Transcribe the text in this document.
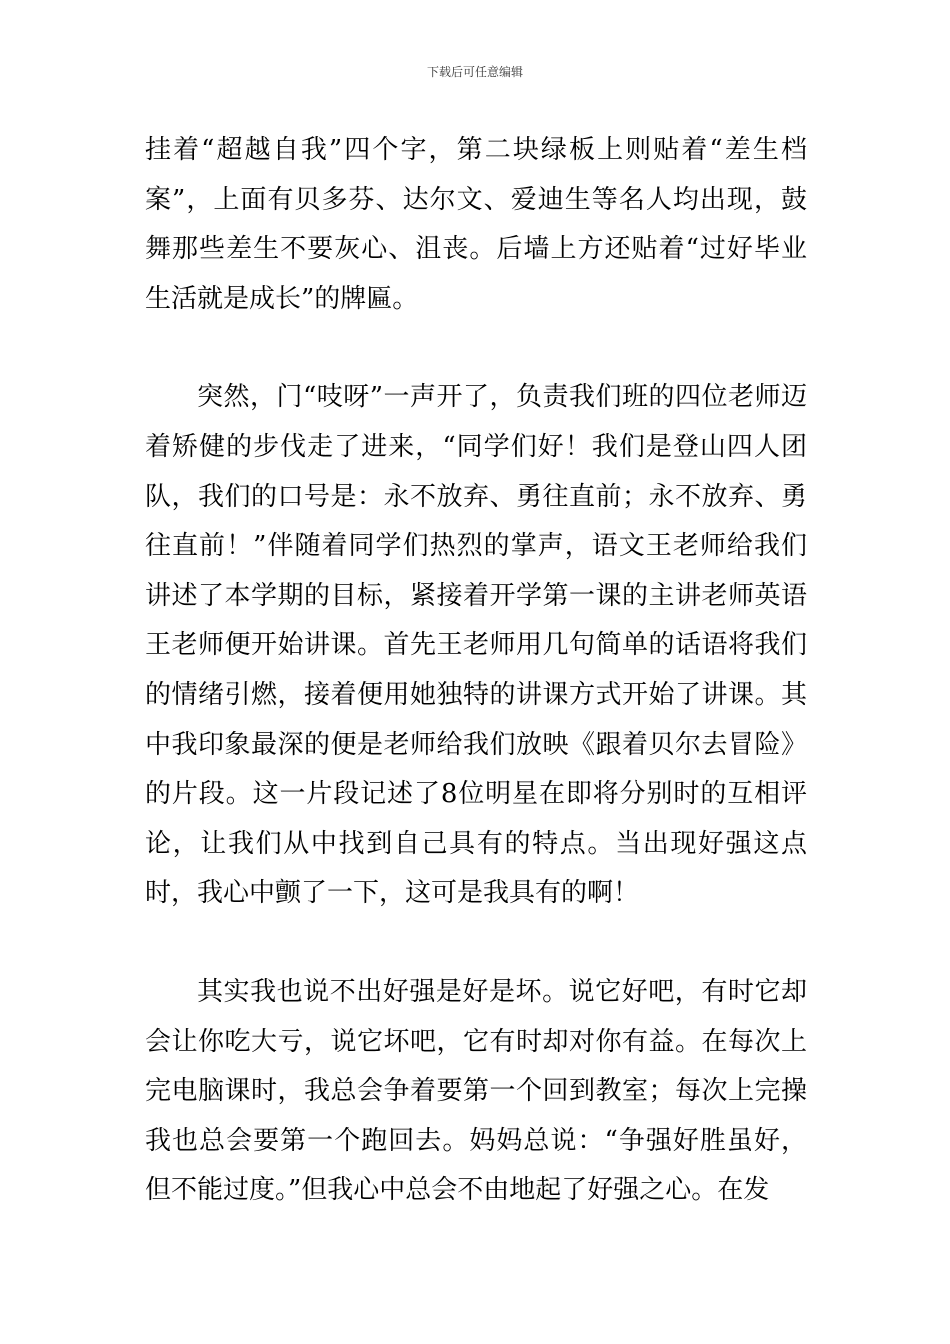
下载后可任意编辑

挂着“超越自我”四个字，第二块绿板上则贴着“差生档案”，上面有贝多芬、达尔文、爱迪生等名人均出现，鼓舞那些差生不要灰心、沮丧。后墙上方还贴着“过好毕业生活就是成长”的牌匾。

突然，门“吱呀”一声开了，负责我们班的四位老师迈着矫健的步伐走了进来，“同学们好！我们是登山四人团队，我们的口号是：永不放弃、勇往直前；永不放弃、勇往直前！”伴随着同学们热烈的掌声，语文王老师给我们讲述了本学期的目标，紧接着开学第一课的主讲老师英语王老师便开始讲课。首先王老师用几句简单的话语将我们的情绪引燃，接着便用她独特的讲课方式开始了讲课。其中我印象最深的便是老师给我们放映《跟着贝尔去冒险》的片段。这一片段记述了8位明星在即将分别时的互相评论，让我们从中找到自己具有的特点。当出现好强这点时，我心中颤了一下，这可是我具有的啊！

其实我也说不出好强是好是坏。说它好吧，有时它却会让你吃大亏，说它坏吧，它有时却对你有益。在每次上完电脑课时，我总会争着要第一个回到教室；每次上完操我也总会要第一个跑回去。妈妈总说：“争强好胜虽好，但不能过度。”但我心中总会不由地起了好强之心。在发
